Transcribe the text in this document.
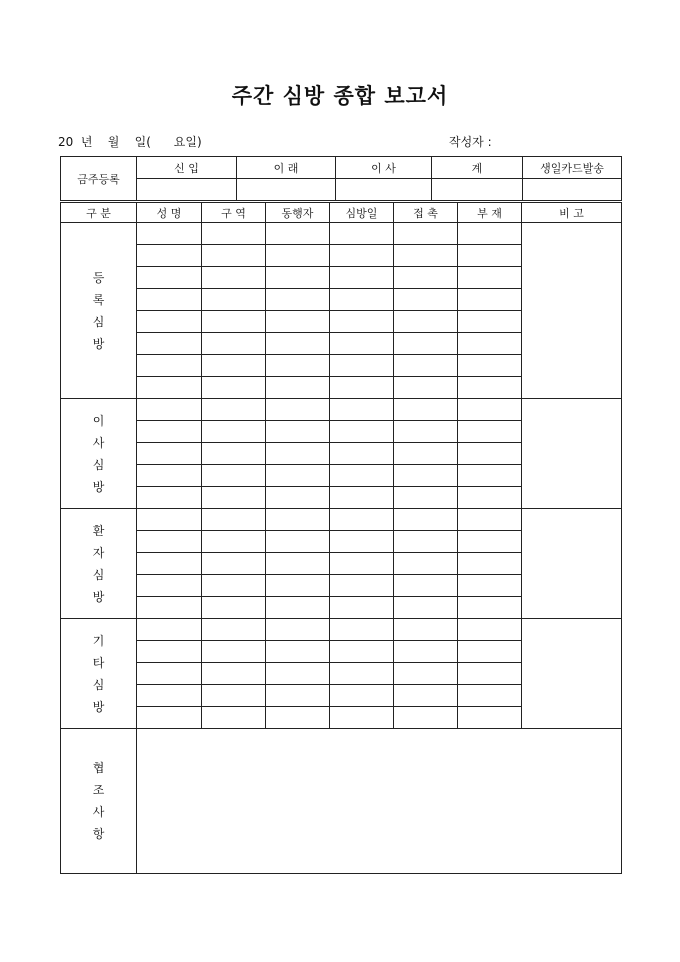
주간 심방 종합 보고서
20  년    월    일(      요일)	작성자 :
금주등록	신 입	이 래	이 사	계	생일카드발송

구 분	성 명	구 역	동행자	심방일	접 촉	부 재	비 고

등
록
심
방							

이
사
심
방							

환
자
심
방							

기
타
심
방							

협
조
사
항							
